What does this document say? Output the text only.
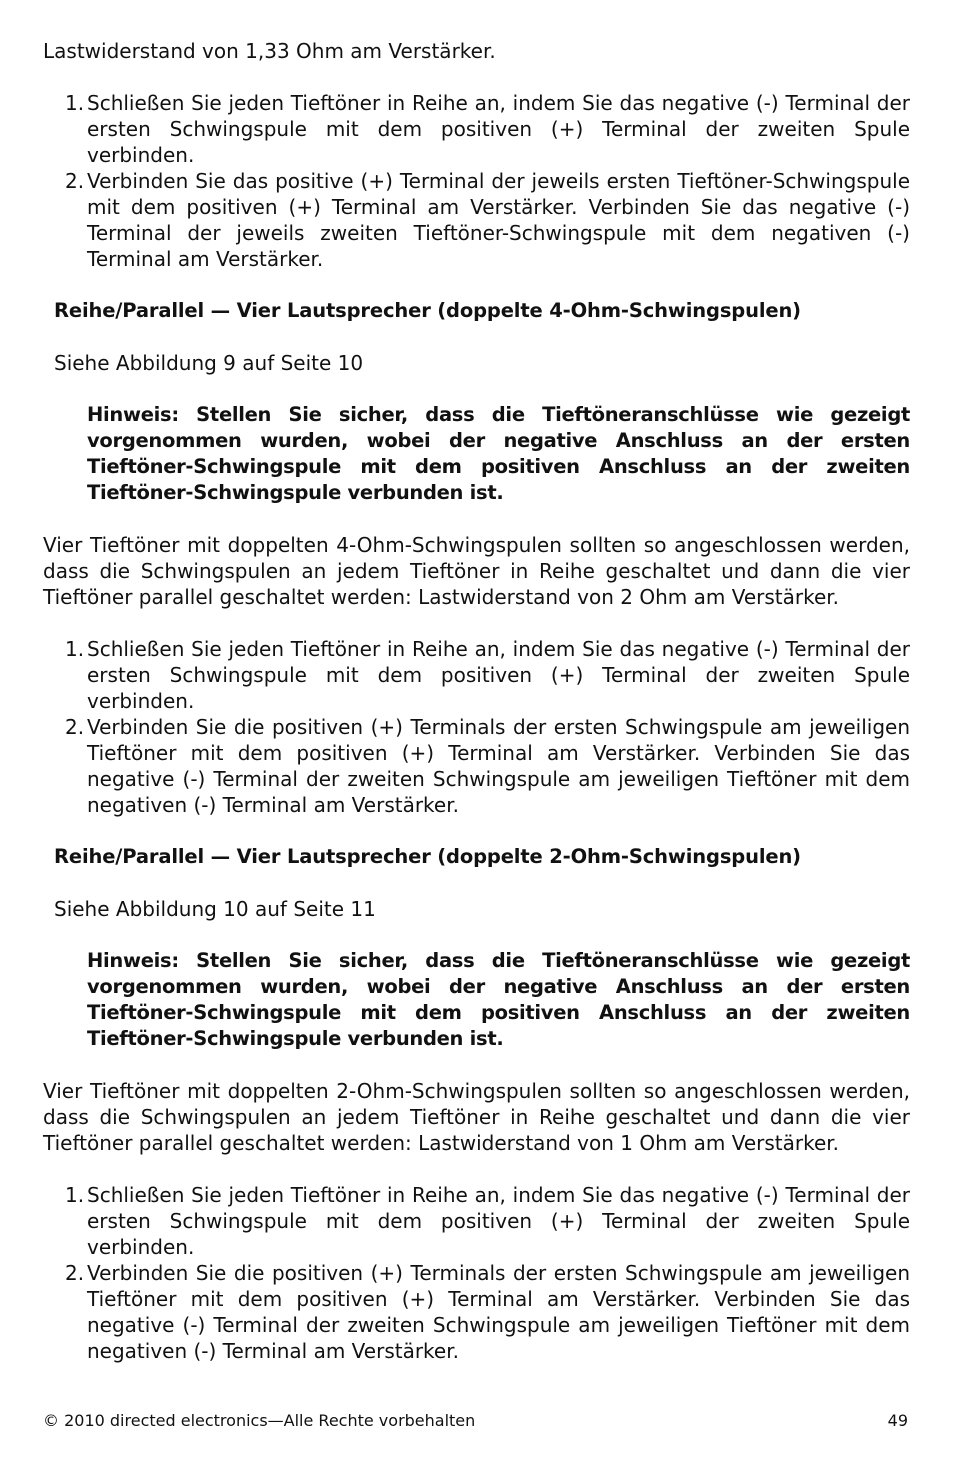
Lastwiderstand von 1,33 Ohm am Verstärker.

1. Schließen Sie jeden Tieftöner in Reihe an, indem Sie das negative (-) Terminal der ersten Schwingspule mit dem positiven (+) Terminal der zweiten Spule verbinden.
2. Verbinden Sie das positive (+) Terminal der jeweils ersten Tieftöner-Schwingspule mit dem positiven (+) Terminal am Verstärker. Verbinden Sie das negative (-) Terminal der jeweils zweiten Tieftöner-Schwingspule mit dem negativen (-) Terminal am Verstärker.

Reihe/Parallel — Vier Lautsprecher (doppelte 4-Ohm-Schwingspulen)

Siehe Abbildung 9 auf Seite 10

Hinweis: Stellen Sie sicher, dass die Tieftöneranschlüsse wie gezeigt vorgenommen wurden, wobei der negative Anschluss an der ersten Tieftöner-Schwingspule mit dem positiven Anschluss an der zweiten Tieftöner-Schwingspule verbunden ist.

Vier Tieftöner mit doppelten 4-Ohm-Schwingspulen sollten so angeschlossen werden, dass die Schwingspulen an jedem Tieftöner in Reihe geschaltet und dann die vier Tieftöner parallel geschaltet werden: Lastwiderstand von 2 Ohm am Verstärker.

1. Schließen Sie jeden Tieftöner in Reihe an, indem Sie das negative (-) Terminal der ersten Schwingspule mit dem positiven (+) Terminal der zweiten Spule verbinden.
2. Verbinden Sie die positiven (+) Terminals der ersten Schwingspule am jeweiligen Tieftöner mit dem positiven (+) Terminal am Verstärker. Verbinden Sie das negative (-) Terminal der zweiten Schwingspule am jeweiligen Tieftöner mit dem negativen (-) Terminal am Verstärker.

Reihe/Parallel — Vier Lautsprecher (doppelte 2-Ohm-Schwingspulen)

Siehe Abbildung 10 auf Seite 11

Hinweis: Stellen Sie sicher, dass die Tieftöneranschlüsse wie gezeigt vorgenommen wurden, wobei der negative Anschluss an der ersten Tieftöner-Schwingspule mit dem positiven Anschluss an der zweiten Tieftöner-Schwingspule verbunden ist.

Vier Tieftöner mit doppelten 2-Ohm-Schwingspulen sollten so angeschlossen werden, dass die Schwingspulen an jedem Tieftöner in Reihe geschaltet und dann die vier Tieftöner parallel geschaltet werden: Lastwiderstand von 1 Ohm am Verstärker.

1. Schließen Sie jeden Tieftöner in Reihe an, indem Sie das negative (-) Terminal der ersten Schwingspule mit dem positiven (+) Terminal der zweiten Spule verbinden.
2. Verbinden Sie die positiven (+) Terminals der ersten Schwingspule am jeweiligen Tieftöner mit dem positiven (+) Terminal am Verstärker. Verbinden Sie das negative (-) Terminal der zweiten Schwingspule am jeweiligen Tieftöner mit dem negativen (-) Terminal am Verstärker.
© 2010 directed electronics—Alle Rechte vorbehalten	49
